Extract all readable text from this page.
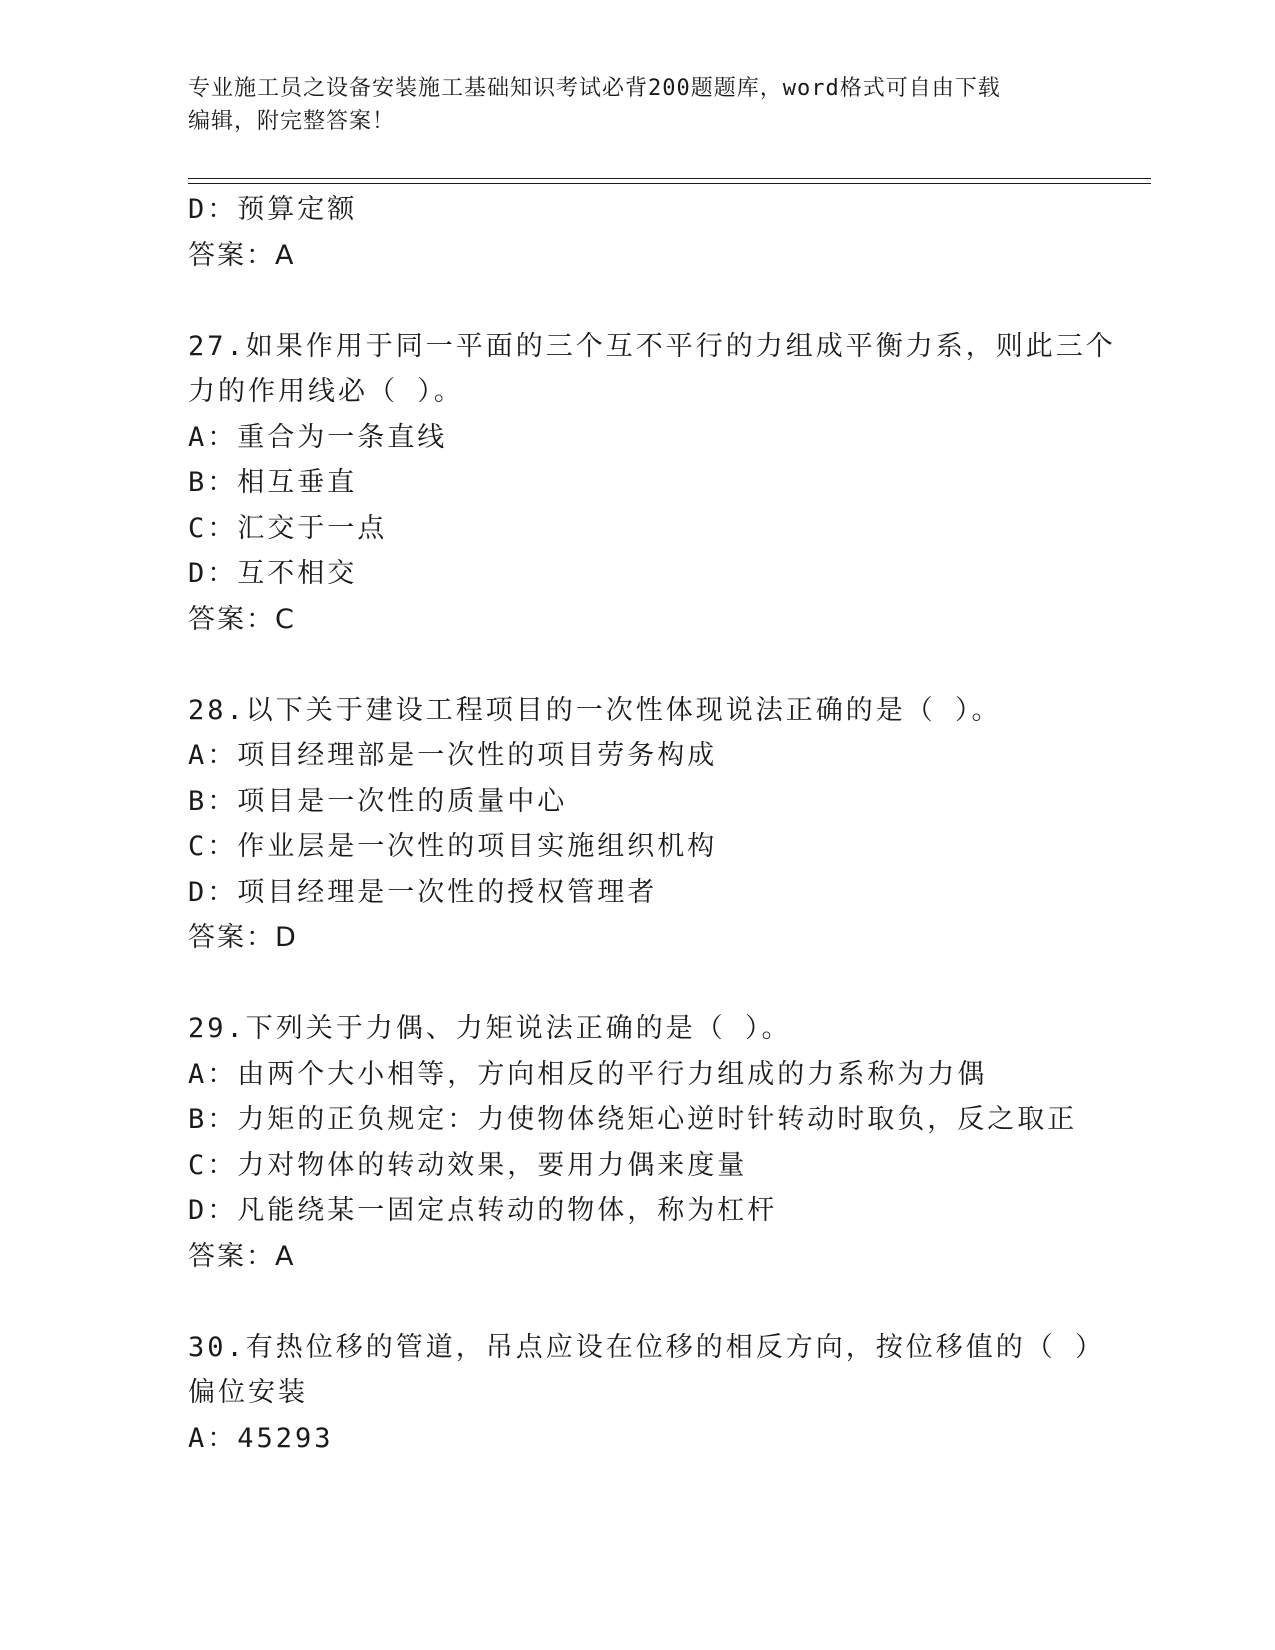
专业施工员之设备安装施工基础知识考试必背200题题库，word格式可自由下载
编辑，附完整答案！
D：预算定额
答案：A
27.如果作用于同一平面的三个互不平行的力组成平衡力系，则此三个
力的作用线必（ ）。
A：重合为一条直线
B：相互垂直
C：汇交于一点
D：互不相交
答案：C
28.以下关于建设工程项目的一次性体现说法正确的是（ ）。
A：项目经理部是一次性的项目劳务构成
B：项目是一次性的质量中心
C：作业层是一次性的项目实施组织机构
D：项目经理是一次性的授权管理者
答案：D
29.下列关于力偶、力矩说法正确的是（ ）。
A：由两个大小相等，方向相反的平行力组成的力系称为力偶
B：力矩的正负规定：力使物体绕矩心逆时针转动时取负，反之取正
C：力对物体的转动效果，要用力偶来度量
D：凡能绕某一固定点转动的物体，称为杠杆
答案：A
30.有热位移的管道，吊点应设在位移的相反方向，按位移值的（ ）
偏位安装
A：45293
